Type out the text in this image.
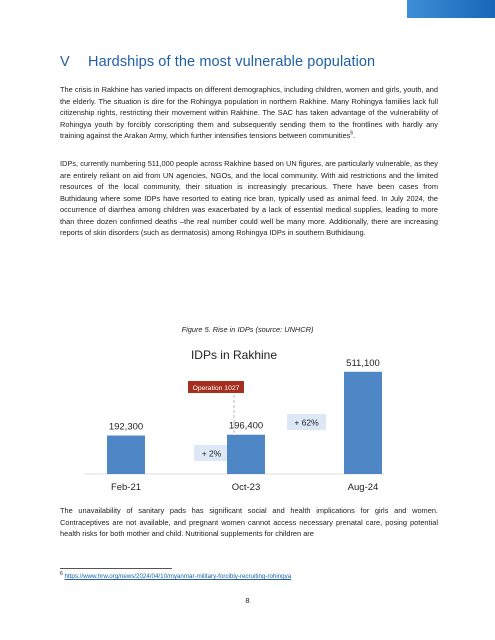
V Hardships of the most vulnerable population

The crisis in Rakhine has varied impacts on different demographics, including children, women and girls, youth, and the elderly. The situation is dire for the Rohingya population in northern Rakhine. Many Rohingya families lack full citizenship rights, restricting their movement within Rakhine. The SAC has taken advantage of the vulnerability of Rohingya youth by forcibly conscripting them and subsequently sending them to the frontlines with hardly any training against the Arakan Army, which further intensifies tensions between communities$^6$.

IDPs, currently numbering 511,000 people across Rakhine based on UN figures, are particularly vulnerable, as they are entirely reliant on aid from UN agencies, NGOs, and the local community. With aid restrictions and the limited resources of the local community, their situation is increasingly precarious. There have been cases from Buthidaung where some IDPs have resorted to eating rice bran, typically used as animal feed. In July 2024, the occurrence of diarrhea among children was exacerbated by a lack of essential medical supplies, leading to more than three dozen confirmed deaths –the real number could well be many more. Additionally, there are increasing reports of skin disorders (such as dermatosis) among Rohingya IDPs in southern Buthidaung.

Figure 5. Rise in IDPs (source: UNHCR)
IDPs in Rakhine
Operation 1027
+ 2%
+ 62%
192,300
Feb-21
196,400
Oct-23
511,100
Aug-24

The unavailability of sanitary pads has significant social and health implications for girls and women. Contraceptives are not available, and pregnant women cannot access necessary prenatal care, posing potential health risks for both mother and child. Nutritional supplements for children are

$^6$ https://www.hrw.org/news/2024/04/10/myanmar-military-forcibly-recruiting-rohingya
8
